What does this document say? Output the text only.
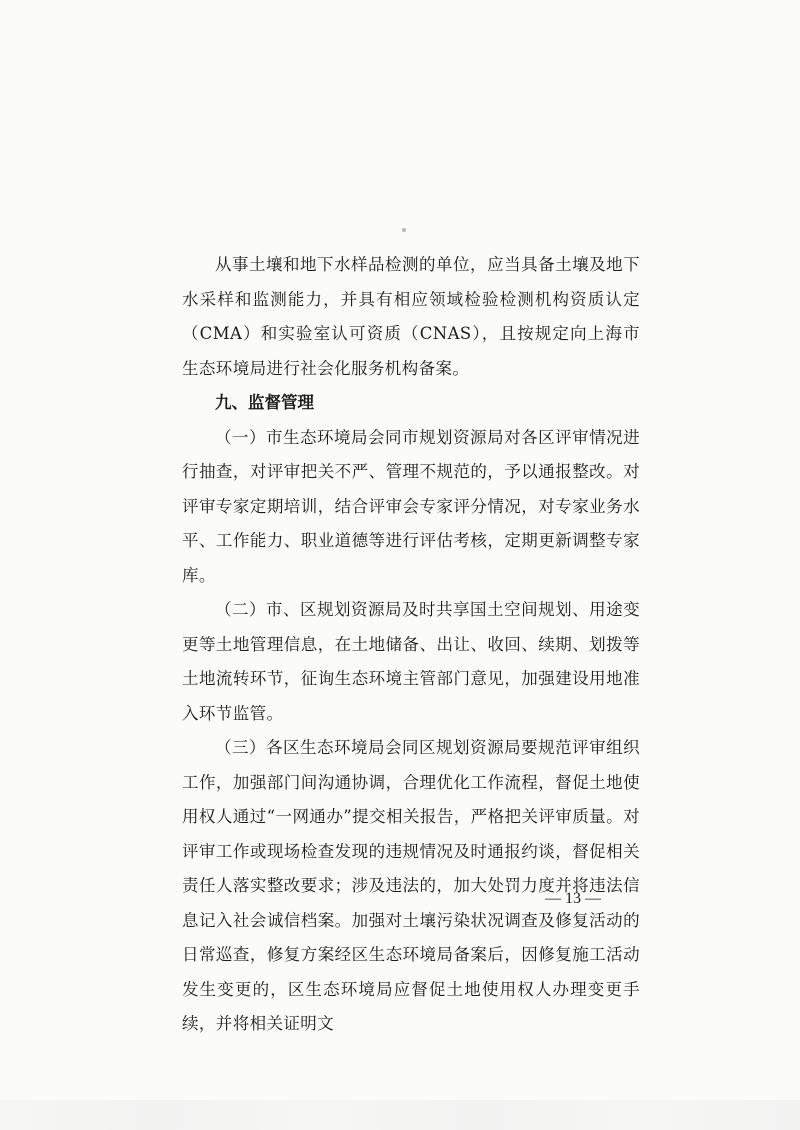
从事土壤和地下水样品检测的单位，应当具备土壤及地下水采样和监测能力，并具有相应领域检验检测机构资质认定（CMA）和实验室认可资质（CNAS），且按规定向上海市生态环境局进行社会化服务机构备案。

九、监督管理

（一）市生态环境局会同市规划资源局对各区评审情况进行抽查，对评审把关不严、管理不规范的，予以通报整改。对评审专家定期培训，结合评审会专家评分情况，对专家业务水平、工作能力、职业道德等进行评估考核，定期更新调整专家库。

（二）市、区规划资源局及时共享国土空间规划、用途变更等土地管理信息，在土地储备、出让、收回、续期、划拨等土地流转环节，征询生态环境主管部门意见，加强建设用地准入环节监管。

（三）各区生态环境局会同区规划资源局要规范评审组织工作，加强部门间沟通协调，合理优化工作流程，督促土地使用权人通过“一网通办”提交相关报告，严格把关评审质量。对评审工作或现场检查发现的违规情况及时通报约谈，督促相关责任人落实整改要求；涉及违法的，加大处罚力度并将违法信息记入社会诚信档案。加强对土壤污染状况调查及修复活动的日常巡查，修复方案经区生态环境局备案后，因修复施工活动发生变更的，区生态环境局应督促土地使用权人办理变更手续，并将相关证明文

— 13 —
